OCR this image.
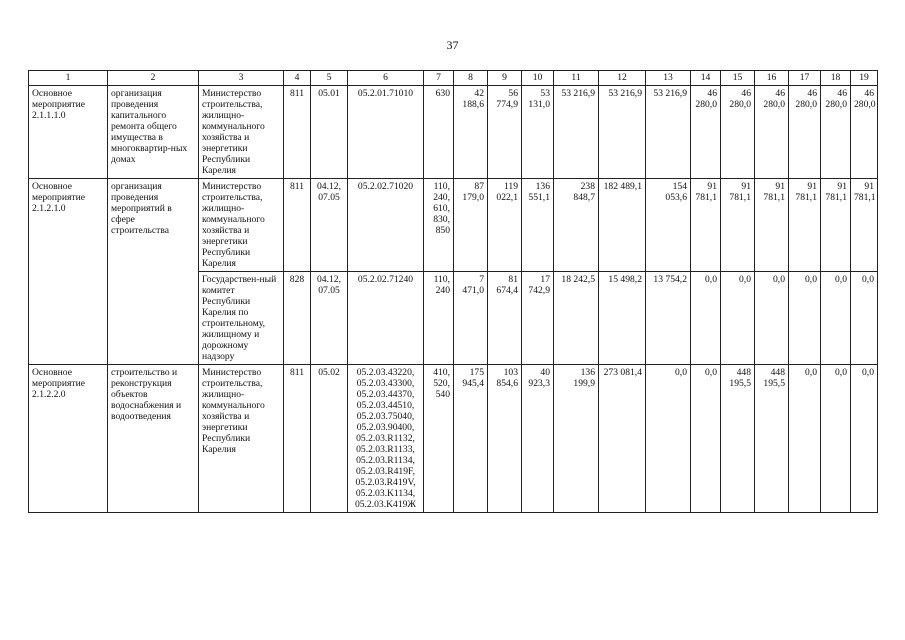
37
1	2	3	4	5	6	7	8	9	10	11	12	13	14	15	16	17	18	19
Основное мероприятие 2.1.1.1.0	организация проведения капитального ремонта общего имущества в многоквартир-ных домах	Министерство строительства, жилищно-коммунального хозяйства и энергетики Республики Карелия	811	05.01	05.2.01.71010	630	42 188,6	56 774,9	53 131,0	53 216,9	53 216,9	53 216,9	46 280,0	46 280,0	46 280,0	46 280,0	46 280,0	46 280,0
Основное мероприятие 2.1.2.1.0	организация проведения мероприятий в сфере строительства	Министерство строительства, жилищно-коммунального хозяйства и энергетики Республики Карелия	811	04.12, 07.05	05.2.02.71020	110, 240, 610, 830, 850	87 179,0	119 022,1	136 551,1	238 848,7	182 489,1	154 053,6	91 781,1	91 781,1	91 781,1	91 781,1	91 781,1	91 781,1
		Государствен-ный комитет Республики Карелия по строительному, жилищному и дорожному надзору	828	04.12, 07.05	05.2.02.71240	110, 240	7 471,0	81 674,4	17 742,9	18 242,5	15 498,2	13 754,2	0,0	0,0	0,0	0,0	0,0	0,0
Основное мероприятие 2.1.2.2.0	строительство и реконструкция объектов водоснабжения и водоотведения	Министерство строительства, жилищно-коммунального хозяйства и энергетики Республики Карелия	811	05.02	05.2.03.43220, 05.2.03.43300, 05.2.03.44370, 05.2.03.44510, 05.2.03.75040, 05.2.03.90400, 05.2.03.R1132, 05.2.03.R1133, 05.2.03.R1134, 05.2.03.R419F, 05.2.03.R419V, 05.2.03.K1134, 05.2.03.K419Ж	410, 520, 540	175 945,4	103 854,6	40 923,3	136 199,9	273 081,4	0,0	0,0	448 195,5	448 195,5	0,0	0,0	0,0
